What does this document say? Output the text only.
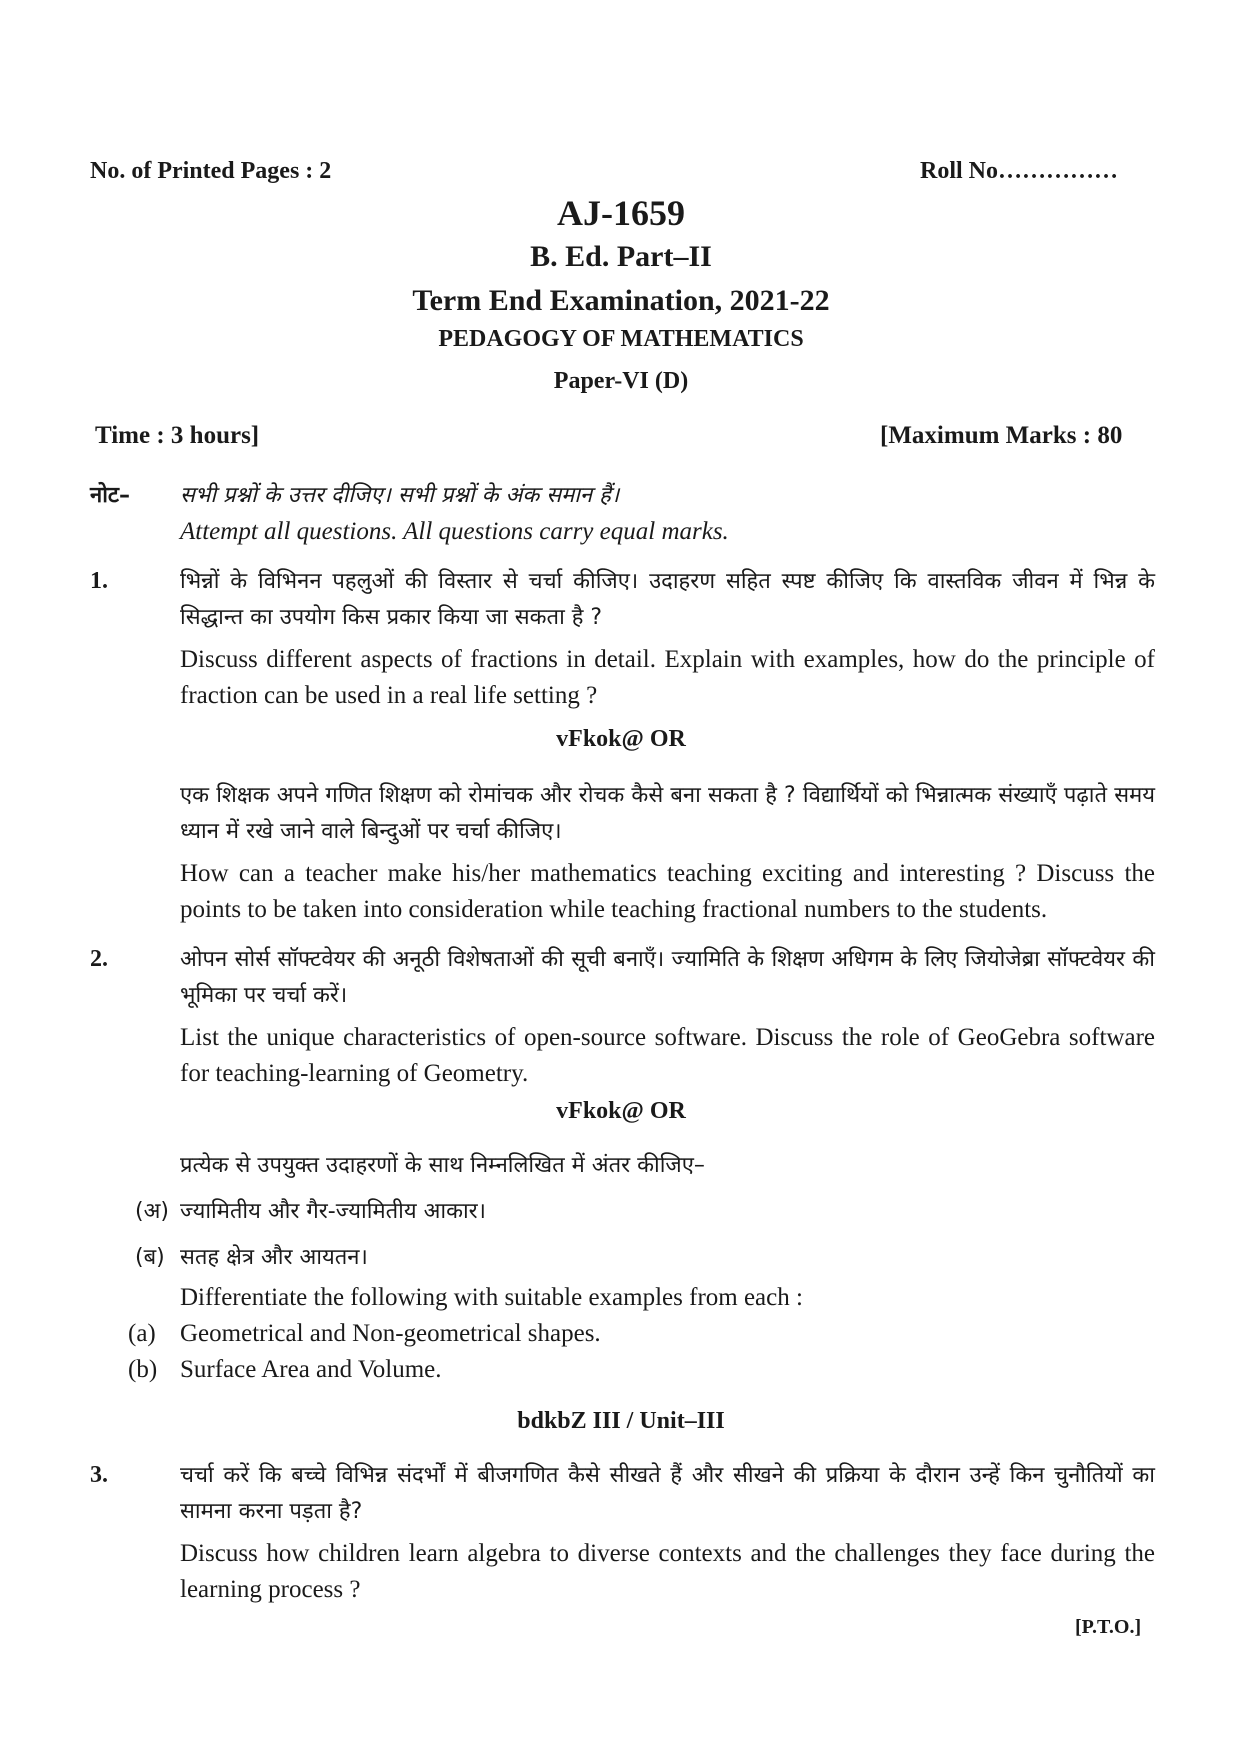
No. of Printed Pages : 2	Roll No……………
AJ-1659
B. Ed. Part–II
Term End Examination, 2021-22
PEDAGOGY OF MATHEMATICS
Paper-VI (D)
Time : 3 hours]	[Maximum Marks : 80
नोट– सभी प्रश्नों के उत्तर दीजिए। सभी प्रश्नों के अंक समान हैं।
Attempt all questions. All questions carry equal marks.
1.	भिन्नों के विभिनन पहलुओं की विस्तार से चर्चा कीजिए। उदाहरण सहित स्पष्ट कीजिए कि वास्तविक जीवन में भिन्न के सिद्धान्त का उपयोग किस प्रकार किया जा सकता है ?
Discuss different aspects of fractions in detail. Explain with examples, how do the principle of fraction can be used in a real life setting ?
vFkok@ OR
एक शिक्षक अपने गणित शिक्षण को रोमांचक और रोचक कैसे बना सकता है ? विद्यार्थियों को भिन्नात्मक संख्याएँ पढ़ाते समय ध्यान में रखे जाने वाले बिन्दुओं पर चर्चा कीजिए।
How can a teacher make his/her mathematics teaching exciting and interesting ? Discuss the points to be taken into consideration while teaching fractional numbers to the students.
2.	ओपन सोर्स सॉफ्टवेयर की अनूठी विशेषताओं की सूची बनाएँ। ज्यामिति के शिक्षण अधिगम के लिए जियोजेब्रा सॉफ्टवेयर की भूमिका पर चर्चा करें।
List the unique characteristics of open-source software. Discuss the role of GeoGebra software for teaching-learning of Geometry.
vFkok@ OR
प्रत्येक से उपयुक्त उदाहरणों के साथ निम्नलिखित में अंतर कीजिए–
(अ) ज्यामितीय और गैर-ज्यामितीय आकार।
(ब) सतह क्षेत्र और आयतन।
Differentiate the following with suitable examples from each :
(a) Geometrical and Non-geometrical shapes.
(b) Surface Area and Volume.
bdkbZ III / Unit–III
3.	चर्चा करें कि बच्चे विभिन्न संदर्भों में बीजगणित कैसे सीखते हैं और सीखने की प्रक्रिया के दौरान उन्हें किन चुनौतियों का सामना करना पड़ता है?
Discuss how children learn algebra to diverse contexts and the challenges they face during the learning process ?
[P.T.O.]
